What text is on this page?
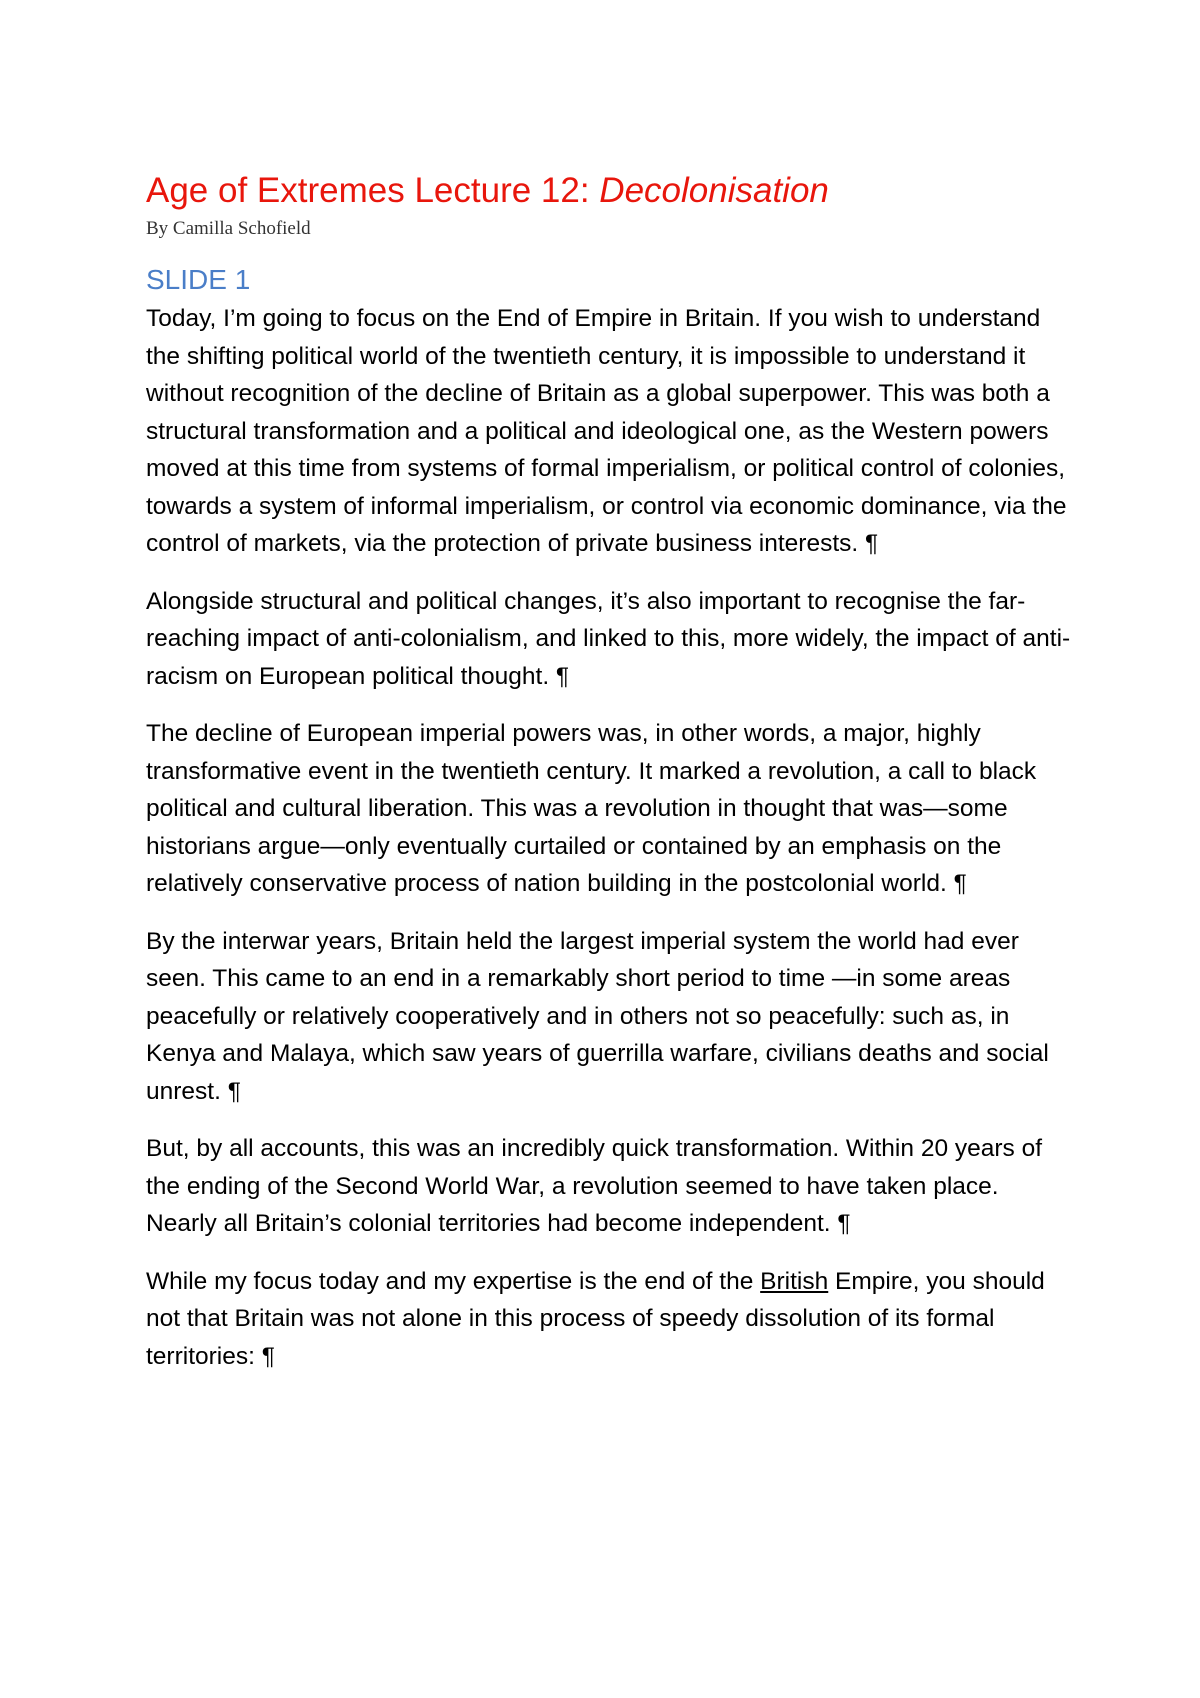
Age of Extremes Lecture 12: Decolonisation
By Camilla Schofield
SLIDE 1

Today, I’m going to focus on the End of Empire in Britain. If you wish to understand the shifting political world of the twentieth century, it is impossible to understand it without recognition of the decline of Britain as a global superpower. This was both a structural transformation and a political and ideological one, as the Western powers moved at this time from systems of formal imperialism, or political control of colonies, towards a system of informal imperialism, or control via economic dominance, via the control of markets, via the protection of private business interests. ¶

Alongside structural and political changes, it’s also important to recognise the far-reaching impact of anti-colonialism, and linked to this, more widely, the impact of anti-racism on European political thought. ¶

The decline of European imperial powers was, in other words, a major, highly transformative event in the twentieth century. It marked a revolution, a call to black political and cultural liberation. This was a revolution in thought that was—some historians argue—only eventually curtailed or contained by an emphasis on the relatively conservative process of nation building in the postcolonial world. ¶

By the interwar years, Britain held the largest imperial system the world had ever seen. This came to an end in a remarkably short period to time —in some areas peacefully or relatively cooperatively and in others not so peacefully: such as, in Kenya and Malaya, which saw years of guerrilla warfare, civilians deaths and social unrest. ¶

But, by all accounts, this was an incredibly quick transformation. Within 20 years of the ending of the Second World War, a revolution seemed to have taken place. Nearly all Britain’s colonial territories had become independent. ¶

While my focus today and my expertise is the end of the British Empire, you should not that Britain was not alone in this process of speedy dissolution of its formal territories: ¶
